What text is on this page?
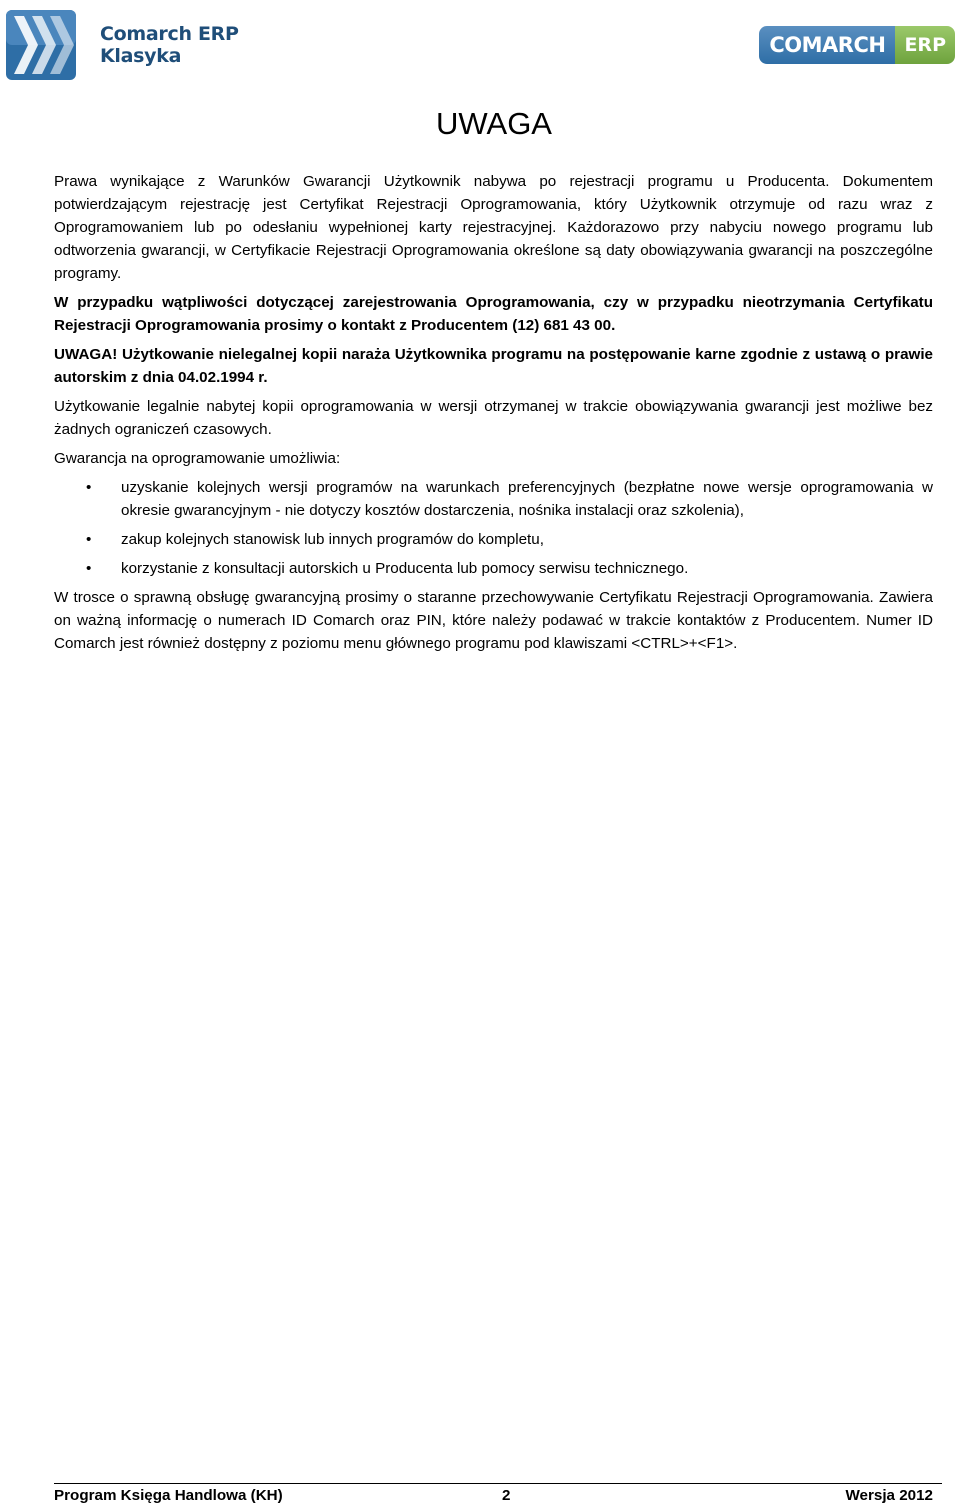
Comarch ERP
Klasyka	COMARCH	ERP
UWAGA

Prawa wynikające z Warunków Gwarancji Użytkownik nabywa po rejestracji programu u Producenta. Dokumentem potwierdzającym rejestrację jest Certyfikat Rejestracji Oprogramowania, który Użytkownik otrzymuje od razu wraz z Oprogramowaniem lub po odesłaniu wypełnionej karty rejestracyjnej. Każdorazowo przy nabyciu nowego programu lub odtworzenia gwarancji, w Certyfikacie Rejestracji Oprogramowania określone są daty obowiązywania gwarancji na poszczególne programy.

W przypadku wątpliwości dotyczącej zarejestrowania Oprogramowania, czy w przypadku nieotrzymania Certyfikatu Rejestracji Oprogramowania prosimy o kontakt z Producentem (12) 681 43 00.

UWAGA! Użytkowanie nielegalnej kopii naraża Użytkownika programu na postępowanie karne zgodnie z ustawą o prawie autorskim z dnia 04.02.1994 r.

Użytkowanie legalnie nabytej kopii oprogramowania w wersji otrzymanej w trakcie obowiązywania gwarancji jest możliwe bez żadnych ograniczeń czasowych.

Gwarancja na oprogramowanie umożliwia:

• uzyskanie kolejnych wersji programów na warunkach preferencyjnych (bezpłatne nowe wersje oprogramowania w okresie gwarancyjnym - nie dotyczy kosztów dostarczenia, nośnika instalacji oraz szkolenia),
• zakup kolejnych stanowisk lub innych programów do kompletu,
• korzystanie z konsultacji autorskich u Producenta lub pomocy serwisu technicznego.

W trosce o sprawną obsługę gwarancyjną prosimy o staranne przechowywanie Certyfikatu Rejestracji Oprogramowania. Zawiera on ważną informację o numerach ID Comarch oraz PIN, które należy podawać w trakcie kontaktów z Producentem. Numer ID Comarch jest również dostępny z poziomu menu głównego programu pod klawiszami <CTRL>+<F1>.

Program Księga Handlowa (KH)	2	Wersja 2012
